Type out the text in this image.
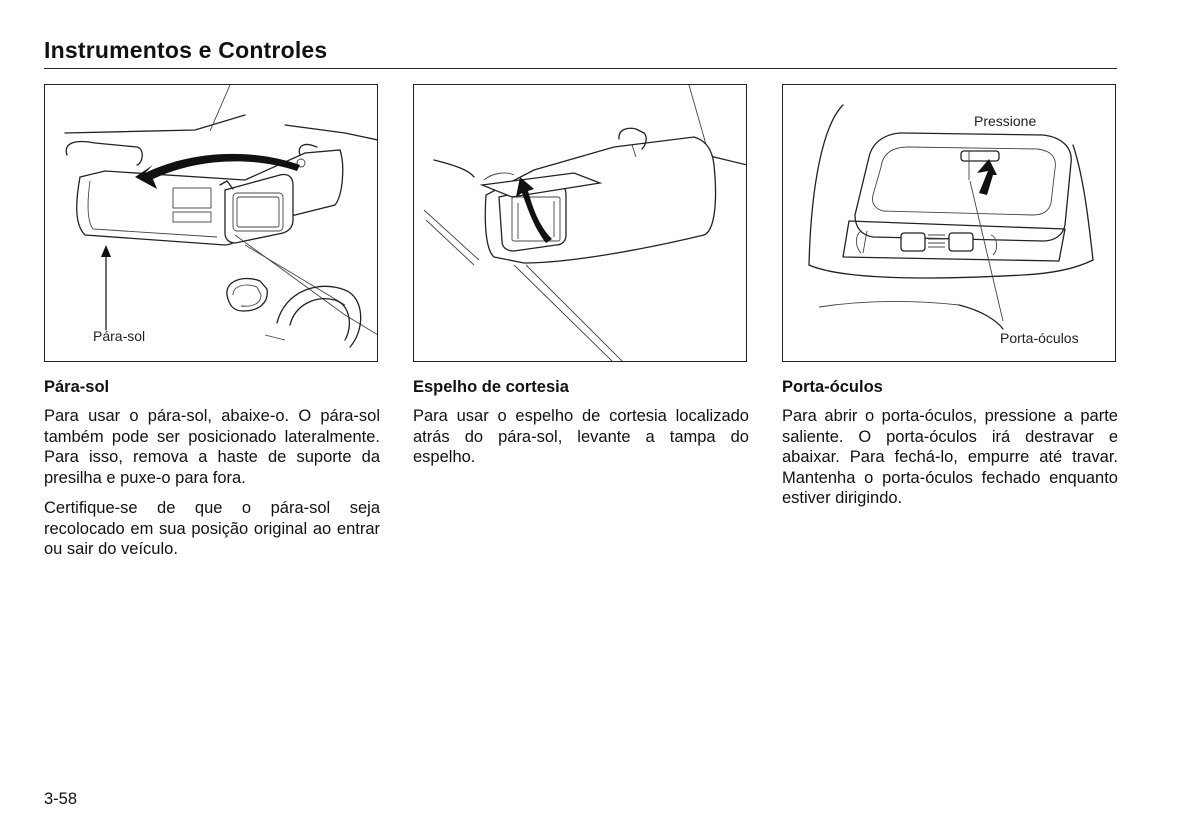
Instrumentos e Controles
Pára-sol
Pressione
Porta-óculos
Pára-sol

Para usar o pára-sol, abaixe-o. O pára-sol também pode ser posicionado lateralmente. Para isso, remova a haste de suporte da presilha e puxe-o para fora.

Certifique-se de que o pára-sol seja recolocado em sua posição original ao entrar ou sair do veículo.

Espelho de cortesia

Para usar o espelho de cortesia localizado atrás do pára-sol, levante a tampa do espelho.

Porta-óculos

Para abrir o porta-óculos, pressione a parte saliente. O porta-óculos irá destravar e abaixar. Para fechá-lo, empurre até travar. Mantenha o porta-óculos fechado enquanto estiver dirigindo.

3-58
